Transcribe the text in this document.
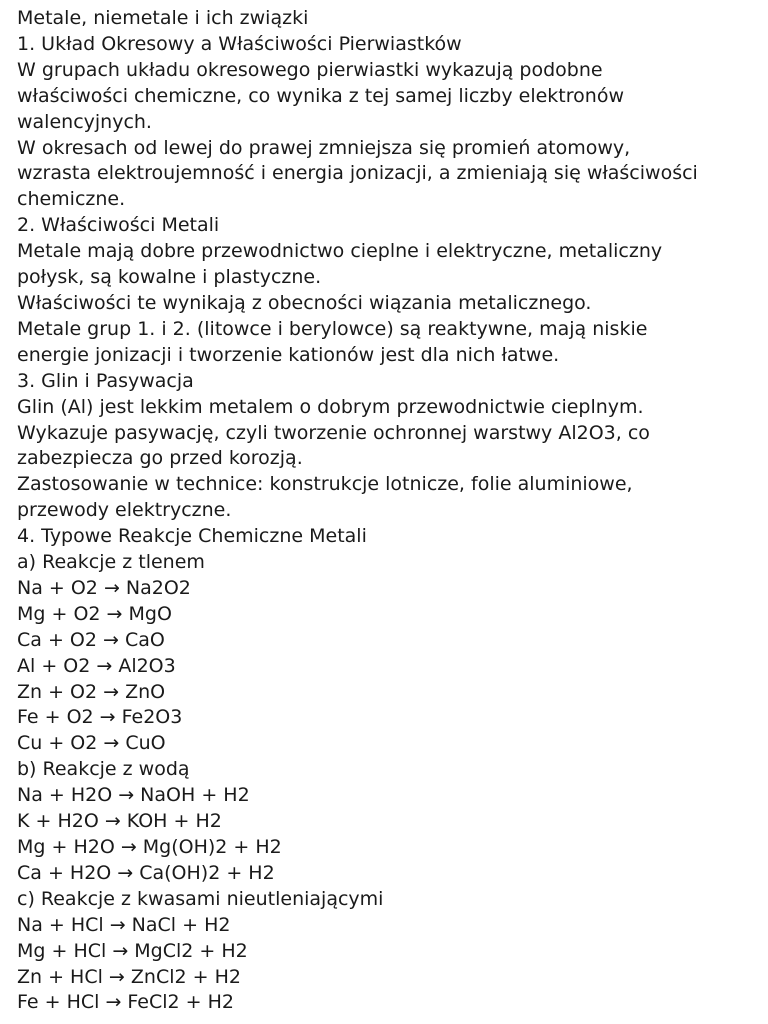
Metale, niemetale i ich związki
1. Układ Okresowy a Właściwości Pierwiastków
W grupach układu okresowego pierwiastki wykazują podobne
właściwości chemiczne, co wynika z tej samej liczby elektronów
walencyjnych.
W okresach od lewej do prawej zmniejsza się promień atomowy,
wzrasta elektroujemność i energia jonizacji, a zmieniają się właściwości
chemiczne.
2. Właściwości Metali
Metale mają dobre przewodnictwo cieplne i elektryczne, metaliczny
połysk, są kowalne i plastyczne.
Właściwości te wynikają z obecności wiązania metalicznego.
Metale grup 1. i 2. (litowce i berylowce) są reaktywne, mają niskie
energie jonizacji i tworzenie kationów jest dla nich łatwe.
3. Glin i Pasywacja
Glin (Al) jest lekkim metalem o dobrym przewodnictwie cieplnym.
Wykazuje pasywację, czyli tworzenie ochronnej warstwy Al2O3, co
zabezpiecza go przed korozją.
Zastosowanie w technice: konstrukcje lotnicze, folie aluminiowe,
przewody elektryczne.
4. Typowe Reakcje Chemiczne Metali
a) Reakcje z tlenem
Na + O2 → Na2O2
Mg + O2 → MgO
Ca + O2 → CaO
Al + O2 → Al2O3
Zn + O2 → ZnO
Fe + O2 → Fe2O3
Cu + O2 → CuO
b) Reakcje z wodą
Na + H2O → NaOH + H2
K + H2O → KOH + H2
Mg + H2O → Mg(OH)2 + H2
Ca + H2O → Ca(OH)2 + H2
c) Reakcje z kwasami nieutleniającymi
Na + HCl → NaCl + H2
Mg + HCl → MgCl2 + H2
Zn + HCl → ZnCl2 + H2
Fe + HCl → FeCl2 + H2
